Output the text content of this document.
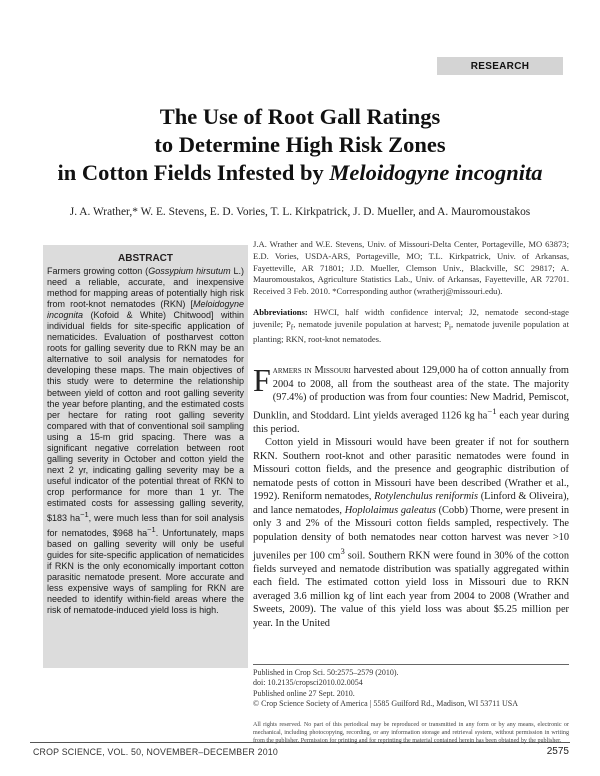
RESEARCH
The Use of Root Gall Ratings
to Determine High Risk Zones
in Cotton Fields Infested by Meloidogyne incognita
J. A. Wrather,* W. E. Stevens, E. D. Vories, T. L. Kirkpatrick, J. D. Mueller, and A. Mauromoustakos
ABSTRACT
Farmers growing cotton (Gossypium hirsutum L.) need a reliable, accurate, and inexpensive method for mapping areas of potentially high risk from root-knot nematodes (RKN) [Meloidogyne incognita (Kofoid & White) Chitwood] within individual fields for site-specific application of nematicides. Evaluation of postharvest cotton roots for galling severity due to RKN may be an alternative to soil analysis for nematodes for developing these maps. The main objectives of this study were to determine the relationship between yield of cotton and root galling severity the year before planting, and the estimated costs per hectare for rating root galling severity compared with that of conventional soil sampling using a 15-m grid spacing. There was a significant negative correlation between root galling severity in October and cotton yield the next 2 yr, indicating galling severity may be a useful indicator of the potential threat of RKN to crop performance for more than 1 yr. The estimated costs for assessing galling severity, $183 $ha^{-1}$, were much less than for soil analysis for nematodes, $968 $ha^{-1}$. Unfortunately, maps based on galling severity will only be useful guides for site-specific application of nematicides if RKN is the only economically important cotton parasitic nematode present. More accurate and less expensive ways of sampling for RKN are needed to identify within-field areas where the risk of nematode-induced yield loss is high.
J.A. Wrather and W.E. Stevens, Univ. of Missouri-Delta Center, Portageville, MO 63873; E.D. Vories, USDA-ARS, Portageville, MO; T.L. Kirkpatrick, Univ. of Arkansas, Fayetteville, AR 71801; J.D. Mueller, Clemson Univ., Blackville, SC 29817; A. Mauromoustakos, Agriculture Statistics Lab., Univ. of Arkansas, Fayetteville, AR 72701. Received 3 Feb. 2010. *Corresponding author (wratherj@missouri.edu).
Abbreviations: HWCI, half width confidence interval; J2, nematode second-stage juvenile; $P_f$, nematode juvenile population at harvest; $P_i$, nematode juvenile population at planting; RKN, root-knot nematodes.

Farmers in Missouri harvested about 129,000 ha of cotton annually from 2004 to 2008, all from the southeast area of the state. The majority (97.4%) of production was from four counties: New Madrid, Pemiscot, Dunklin, and Stoddard. Lint yields averaged 1126 kg $ha^{-1}$ each year during this period.

Cotton yield in Missouri would have been greater if not for southern RKN. Southern root-knot and other parasitic nematodes were found in Missouri cotton fields, and the presence and geographic distribution of nematode pests of cotton in Missouri have been described (Wrather et al., 1992). Reniform nematodes, Rotylenchulus reniformis (Linford & Oliveira), and lance nematodes, Hoplolaimus galeatus (Cobb) Thorne, were present in only 3 and 2% of the Missouri cotton fields sampled, respectively. The population density of both nematodes near cotton harvest was never >10 juveniles per 100 $cm^3$ soil. Southern RKN were found in 30% of the cotton fields surveyed and nematode distribution was spatially aggregated within each field. The estimated cotton yield loss in Missouri due to RKN averaged 3.6 million kg of lint each year from 2004 to 2008 (Wrather and Sweets, 2009). The value of this yield loss was about $5.25 million per year. In the United

Published in Crop Sci. 50:2575–2579 (2010).
doi: 10.2135/cropsci2010.02.0054
Published online 27 Sept. 2010.
© Crop Science Society of America | 5585 Guilford Rd., Madison, WI 53711 USA
All rights reserved. No part of this periodical may be reproduced or transmitted in any form or by any means, electronic or mechanical, including photocopying, recording, or any information storage and retrieval system, without permission in writing from the publisher. Permission for printing and for reprinting the material contained herein has been obtained by the publisher.
CROP SCIENCE, VOL. 50, NOVEMBER–DECEMBER 2010	2575
